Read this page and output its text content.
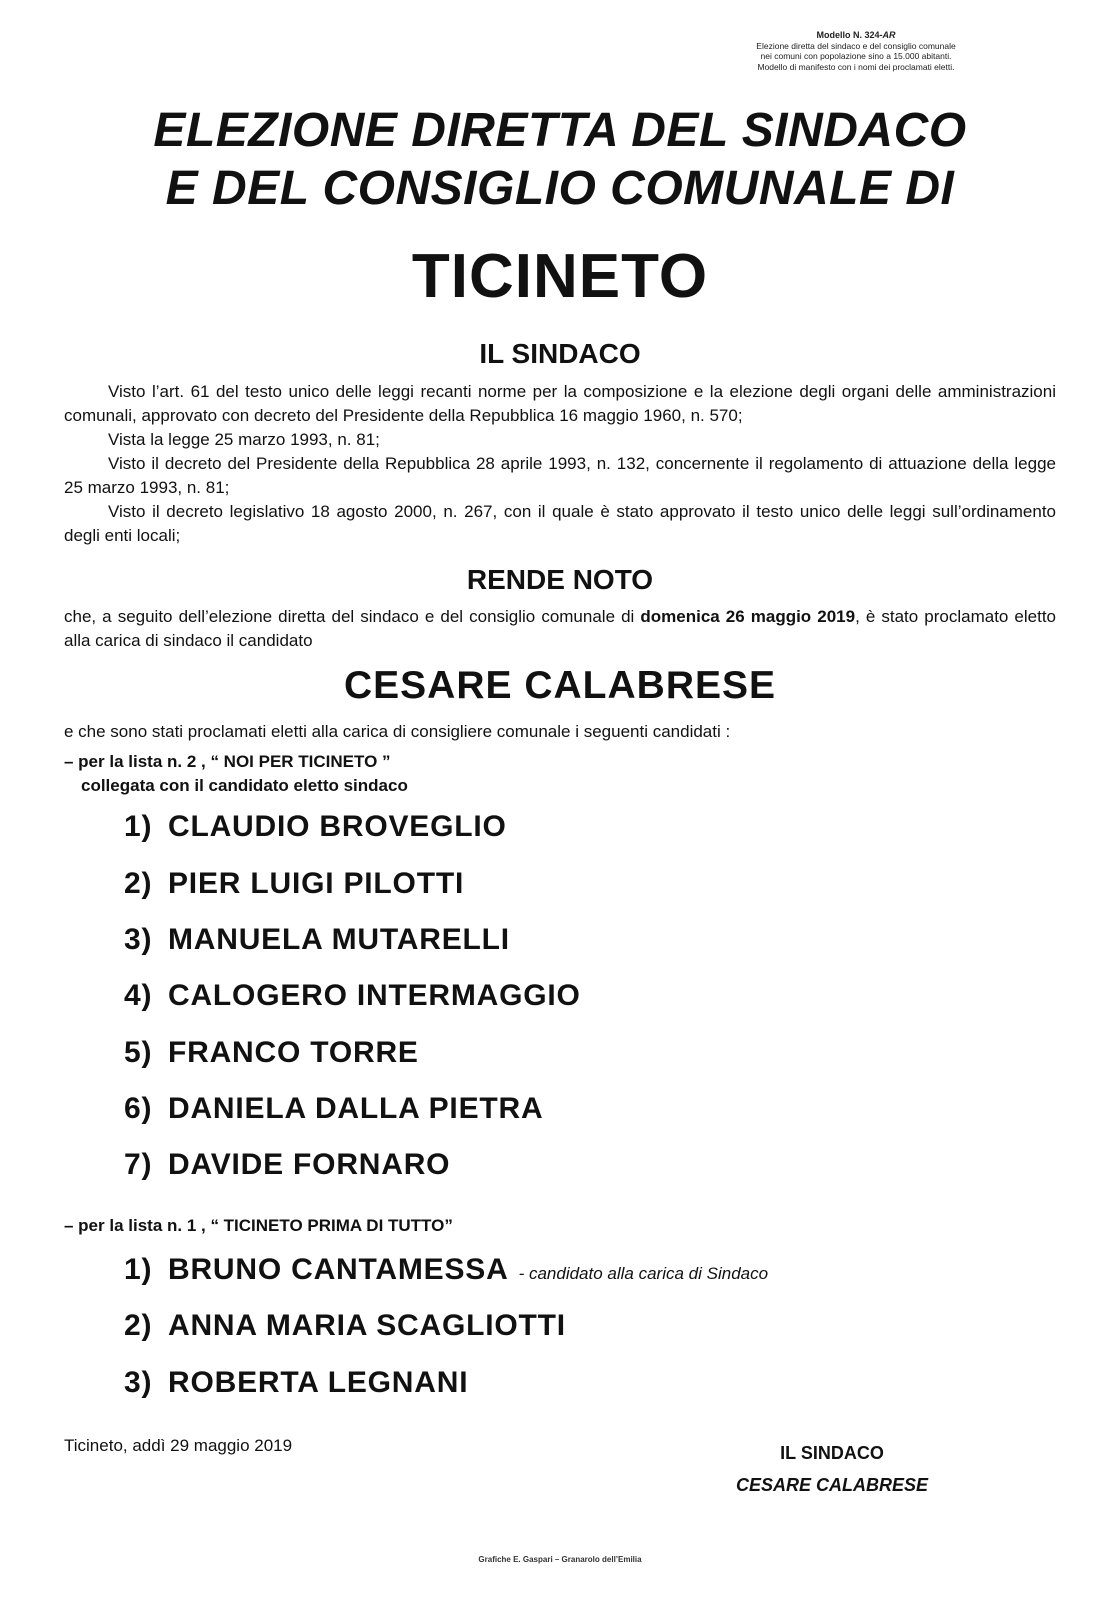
Modello N. 324-AR
Elezione diretta del sindaco e del consiglio comunale
nei comuni con popolazione sino a 15.000 abitanti.
Modello di manifesto con i nomi dei proclamati eletti.
ELEZIONE DIRETTA DEL SINDACO
E DEL CONSIGLIO COMUNALE DI
TICINETO
IL SINDACO

Visto l’art. 61 del testo unico delle leggi recanti norme per la composizione e la elezione degli organi delle amministrazioni comunali, approvato con decreto del Presidente della Repubblica 16 maggio 1960, n. 570;

Vista la legge 25 marzo 1993, n. 81;

Visto il decreto del Presidente della Repubblica 28 aprile 1993, n. 132, concernente il regolamento di attuazione della legge 25 marzo 1993, n. 81;

Visto il decreto legislativo 18 agosto 2000, n. 267, con il quale è stato approvato il testo unico delle leggi sull’ordinamento degli enti locali;

RENDE NOTO
che, a seguito dell’elezione diretta del sindaco e del consiglio comunale di domenica 26 maggio 2019, è stato proclamato eletto alla carica di sindaco il candidato
CESARE CALABRESE
e che sono stati proclamati eletti alla carica di consigliere comunale i seguenti candidati :
– per la lista n. 2 , “ NOI PER TICINETO ”
collegata con il candidato eletto sindaco
1) CLAUDIO BROVEGLIO
2) PIER LUIGI PILOTTI
3) MANUELA MUTARELLI
4) CALOGERO INTERMAGGIO
5) FRANCO TORRE
6) DANIELA DALLA PIETRA
7) DAVIDE FORNARO
– per la lista n. 1 , “ TICINETO PRIMA DI TUTTO”
1) BRUNO CANTAMESSA - candidato alla carica di Sindaco
2) ANNA MARIA SCAGLIOTTI
3) ROBERTA LEGNANI
Ticineto, addì 29 maggio 2019	IL SINDACO
CESARE CALABRESE
Grafiche E. Gaspari – Granarolo dell’Emilia
